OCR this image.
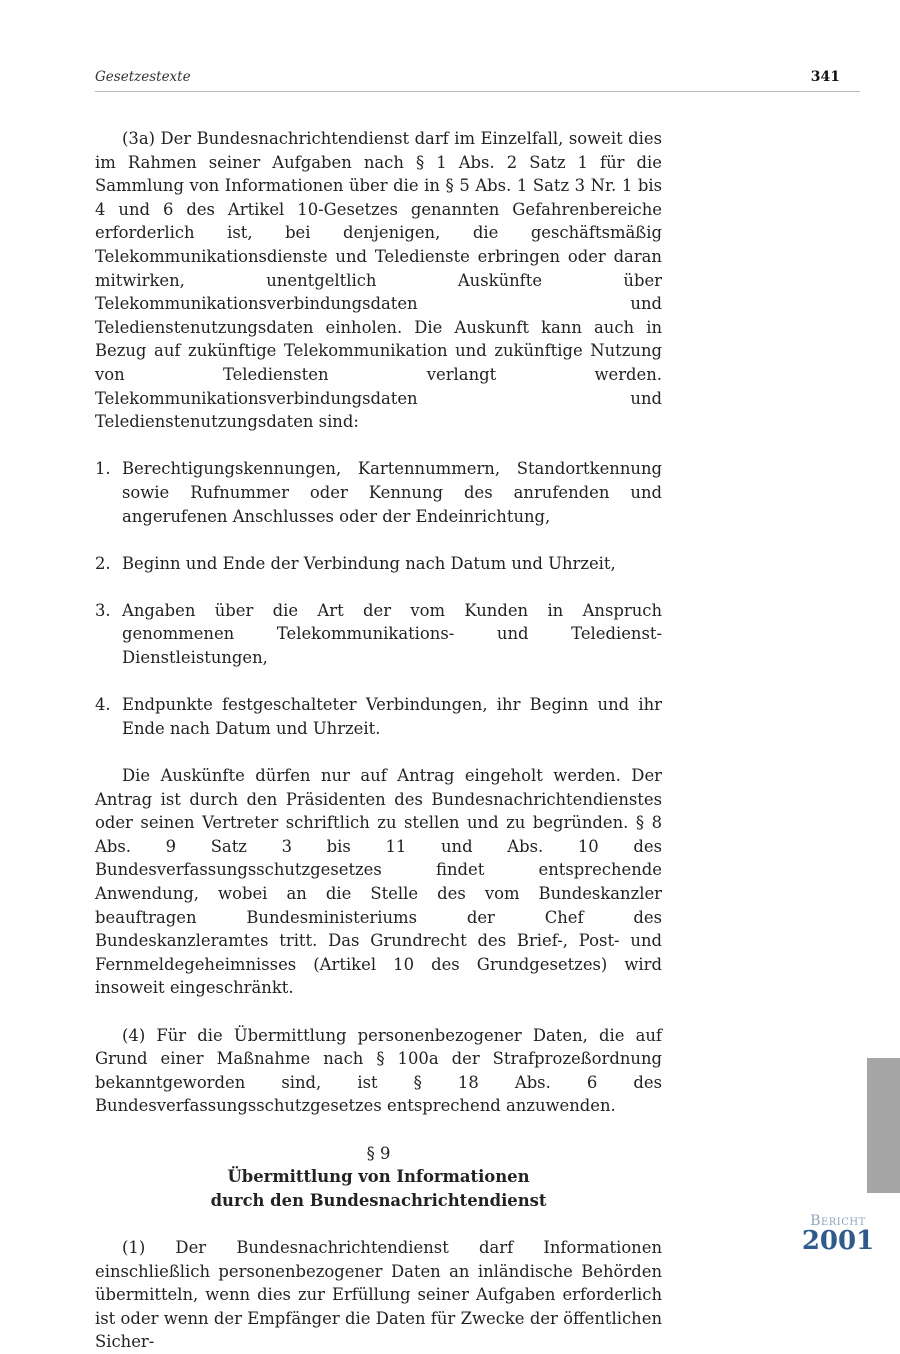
Gesetzestexte	341

(3a) Der Bundesnachrichtendienst darf im Einzelfall, soweit dies im Rahmen seiner Aufgaben nach § 1 Abs. 2 Satz 1 für die Sammlung von Informationen über die in § 5 Abs. 1 Satz 3 Nr. 1 bis 4 und 6 des Artikel 10-Gesetzes genannten Gefahrenbereiche erforderlich ist, bei denjenigen, die geschäftsmäßig Telekommunikationsdienste und Teledienste erbringen oder daran mitwirken, unentgeltlich Auskünfte über Telekommunikationsverbindungsdaten und Teledienstenutzungsdaten einholen. Die Auskunft kann auch in Bezug auf zukünftige Telekommunikation und zukünftige Nutzung von Telediensten verlangt werden. Telekommunikationsverbindungsdaten und Teledienstenutzungsdaten sind:

1. Berechtigungskennungen, Kartennummern, Standortkennung sowie Rufnummer oder Kennung des anrufenden und angerufenen Anschlusses oder der Endeinrichtung,
2. Beginn und Ende der Verbindung nach Datum und Uhrzeit,
3. Angaben über die Art der vom Kunden in Anspruch genommenen Telekommunikations- und Teledienst-Dienstleistungen,
4. Endpunkte festgeschalteter Verbindungen, ihr Beginn und ihr Ende nach Datum und Uhrzeit.

Die Auskünfte dürfen nur auf Antrag eingeholt werden. Der Antrag ist durch den Präsidenten des Bundesnachrichtendienstes oder seinen Vertreter schriftlich zu stellen und zu begründen. § 8 Abs. 9 Satz 3 bis 11 und Abs. 10 des Bundesverfassungsschutzgesetzes findet entsprechende Anwendung, wobei an die Stelle des vom Bundeskanzler beauftragen Bundesministeriums der Chef des Bundeskanzleramtes tritt. Das Grundrecht des Brief-, Post- und Fernmeldegeheimnisses (Artikel 10 des Grundgesetzes) wird insoweit eingeschränkt.

(4) Für die Übermittlung personenbezogener Daten, die auf Grund einer Maßnahme nach § 100a der Strafprozeßordnung bekanntgeworden sind, ist § 18 Abs. 6 des Bundesverfassungsschutzgesetzes entsprechend anzuwenden.

§ 9
Übermittlung von Informationen
durch den Bundesnachrichtendienst

(1) Der Bundesnachrichtendienst darf Informationen einschließlich personenbezogener Daten an inländische Behörden übermitteln, wenn dies zur Erfüllung seiner Aufgaben erforderlich ist oder wenn der Empfänger die Daten für Zwecke der öffentlichen Sicher-

Bericht
2001
